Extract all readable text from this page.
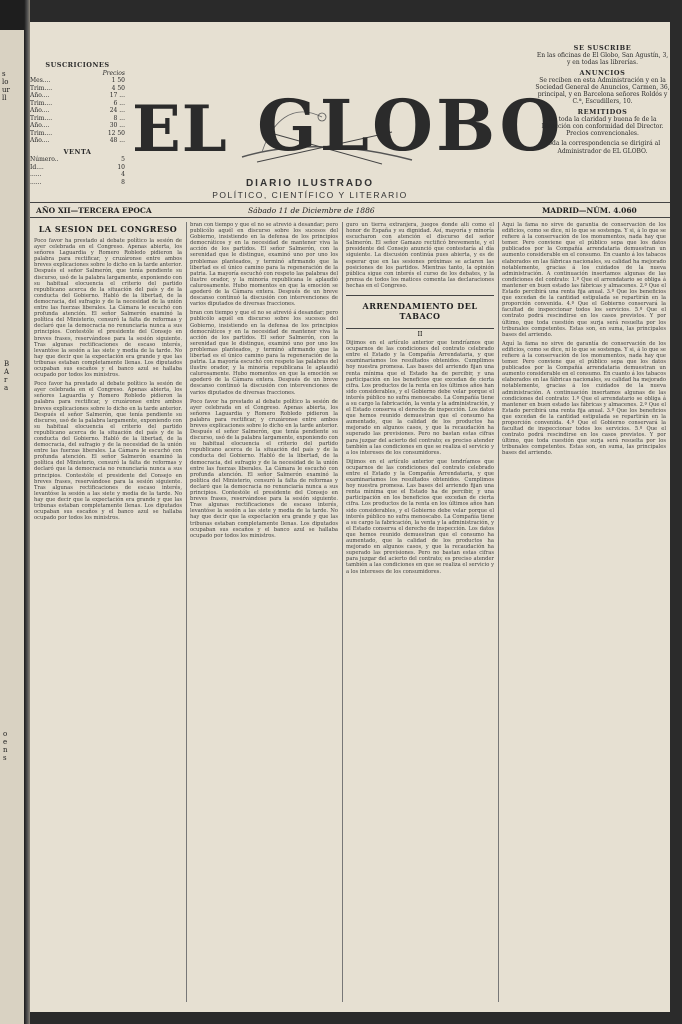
s
lo
ur
ll
B
A
r
a
o
e
n
s
SUSCRICIONES
Precios
Mes....	1 50
Trim....	4 50
Año....	17 ...
Trim....	6 ...
Año....	24 ...
Trim....	8 ...
Año....	30 ...
Trim....	12 50
Año....	48 ...
VENTA
Número..	5
Id....	10
......	4
......	8
EL GLOBO
DIARIO ILUSTRADO
POLÍTICO, CIENTÍFICO Y LITERARIO
SE SUSCRIBE
En las oficinas de El Globo, San Agustín, 3, y en todas las librerías.
ANUNCIOS
Se reciben en esta Administración y en la Sociedad General de Anuncios, Carmen, 36, principal, y en Barcelona señores Roldós y C.ª, Escudillers, 10.
REMITIDOS
En toda la claridad y buena fe de la Dirección con conformidad del Director.
Precios convencionales.
Toda la correspondencia se dirigirá al Administrador de EL GLOBO.
AÑO XII—TERCERA EPOCA	Sábado 11 de Diciembre de 1886	MADRID—NÚM. 4.060
LA SESION DEL CONGRESO
Poco favor ha prestado al debate político la sesión de ayer celebrada en el Congreso. Apenas abierta, los señores Laguardia y Romero Robledo pidieron la palabra para rectificar, y cruzáronse entre ambos breves explicaciones sobre lo dicho en la tarde anterior. Después el señor Salmerón, que tenía pendiente su discurso, usó de la palabra largamente, exponiendo con su habitual elocuencia el criterio del partido republicano acerca de la situación del país y de la conducta del Gobierno. Habló de la libertad, de la democracia, del sufragio y de la necesidad de la unión entre las fuerzas liberales. La Cámara le escuchó con profunda atención. El señor Salmerón examinó la política del Ministerio, censuró la falta de reformas y declaró que la democracia no renunciaría nunca a sus principios. Contestóle el presidente del Consejo en breves frases, reservándose para la sesión siguiente. Tras algunas rectificaciones de escaso interés, levantóse la sesión a las siete y media de la tarde. No hay que decir que la expectación era grande y que las tribunas estaban completamente llenas. Los diputados ocupaban sus escaños y el banco azul se hallaba ocupado por todos los ministros.
Poco favor ha prestado al debate político la sesión de ayer celebrada en el Congreso. Apenas abierta, los señores Laguardia y Romero Robledo pidieron la palabra para rectificar, y cruzáronse entre ambos breves explicaciones sobre lo dicho en la tarde anterior. Después el señor Salmerón, que tenía pendiente su discurso, usó de la palabra largamente, exponiendo con su habitual elocuencia el criterio del partido republicano acerca de la situación del país y de la conducta del Gobierno. Habló de la libertad, de la democracia, del sufragio y de la necesidad de la unión entre las fuerzas liberales. La Cámara le escuchó con profunda atención. El señor Salmerón examinó la política del Ministerio, censuró la falta de reformas y declaró que la democracia no renunciaría nunca a sus principios. Contestóle el presidente del Consejo en breves frases, reservándose para la sesión siguiente. Tras algunas rectificaciones de escaso interés, levantóse la sesión a las siete y media de la tarde. No hay que decir que la expectación era grande y que las tribunas estaban completamente llenas. Los diputados ocupaban sus escaños y el banco azul se hallaba ocupado por todos los ministros.
bran con tiempo y que el no se atrevió á desandar; pero publicólo aquél en discurso sobre los sucesos del Gobierno, insistiendo en la defensa de los principios democráticos y en la necesidad de mantener viva la acción de los partidos. El señor Salmerón, con la serenidad que le distingue, examinó uno por uno los problemas planteados, y terminó afirmando que la libertad es el único camino para la regeneración de la patria. La mayoría escuchó con respeto las palabras del ilustre orador, y la minoría republicana le aplaudió calurosamente. Hubo momentos en que la emoción se apoderó de la Cámara entera. Después de un breve descanso continuó la discusión con intervenciones de varios diputados de diversas fracciones.
bran con tiempo y que el no se atrevió á desandar; pero publicólo aquél en discurso sobre los sucesos del Gobierno, insistiendo en la defensa de los principios democráticos y en la necesidad de mantener viva la acción de los partidos. El señor Salmerón, con la serenidad que le distingue, examinó uno por uno los problemas planteados, y terminó afirmando que la libertad es el único camino para la regeneración de la patria. La mayoría escuchó con respeto las palabras del ilustre orador, y la minoría republicana le aplaudió calurosamente. Hubo momentos en que la emoción se apoderó de la Cámara entera. Después de un breve descanso continuó la discusión con intervenciones de varios diputados de diversas fracciones.
Poco favor ha prestado al debate político la sesión de ayer celebrada en el Congreso. Apenas abierta, los señores Laguardia y Romero Robledo pidieron la palabra para rectificar, y cruzáronse entre ambos breves explicaciones sobre lo dicho en la tarde anterior. Después el señor Salmerón, que tenía pendiente su discurso, usó de la palabra largamente, exponiendo con su habitual elocuencia el criterio del partido republicano acerca de la situación del país y de la conducta del Gobierno. Habló de la libertad, de la democracia, del sufragio y de la necesidad de la unión entre las fuerzas liberales. La Cámara le escuchó con profunda atención. El señor Salmerón examinó la política del Ministerio, censuró la falta de reformas y declaró que la democracia no renunciaría nunca a sus principios. Contestóle el presidente del Consejo en breves frases, reservándose para la sesión siguiente. Tras algunas rectificaciones de escaso interés, levantóse la sesión a las siete y media de la tarde. No hay que decir que la expectación era grande y que las tribunas estaban completamente llenas. Los diputados ocupaban sus escaños y el banco azul se hallaba ocupado por todos los ministros.
guro un tierra extranjera, juegos donde allí como el honor de España y su dignidad. Así, mayoría y minoría escucharon con atención el discurso del señor Salmerón. El señor Gamazo rectificó brevemente, y el presidente del Consejo anunció que contestaría al día siguiente. La discusión continúa pues abierta, y es de esperar que en las sesiones próximas se aclaren las posiciones de los partidos. Mientras tanto, la opinión pública sigue con interés el curso de los debates, y la prensa de todos los matices comenta las declaraciones hechas en el Congreso.
ARRENDAMIENTO DEL TABACO
II
Dijimos en el artículo anterior que tendríamos que ocuparnos de las condiciones del contrato celebrado entre el Estado y la Compañía Arrendataria, y que examinaríamos los resultados obtenidos. Cumplimos hoy nuestra promesa. Las bases del arriendo fijan una renta mínima que el Estado ha de percibir, y una participación en los beneficios que excedan de cierta cifra. Los productos de la renta en los últimos años han sido considerables, y el Gobierno debe velar porque el interés público no sufra menoscabo. La Compañía tiene a su cargo la fabricación, la venta y la administración, y el Estado conserva el derecho de inspección. Los datos que hemos reunido demuestran que el consumo ha aumentado, que la calidad de los productos ha mejorado en algunos casos, y que la recaudación ha superado las previsiones. Pero no bastan estas cifras para juzgar del acierto del contrato; es preciso atender también a las condiciones en que se realiza el servicio y a los intereses de los consumidores.
Dijimos en el artículo anterior que tendríamos que ocuparnos de las condiciones del contrato celebrado entre el Estado y la Compañía Arrendataria, y que examinaríamos los resultados obtenidos. Cumplimos hoy nuestra promesa. Las bases del arriendo fijan una renta mínima que el Estado ha de percibir, y una participación en los beneficios que excedan de cierta cifra. Los productos de la renta en los últimos años han sido considerables, y el Gobierno debe velar porque el interés público no sufra menoscabo. La Compañía tiene a su cargo la fabricación, la venta y la administración, y el Estado conserva el derecho de inspección. Los datos que hemos reunido demuestran que el consumo ha aumentado, que la calidad de los productos ha mejorado en algunos casos, y que la recaudación ha superado las previsiones. Pero no bastan estas cifras para juzgar del acierto del contrato; es preciso atender también a las condiciones en que se realiza el servicio y a los intereses de los consumidores.
Aquí la fama no sirve de garantía de conservación de los edificios, como se dice, ni lo que se sostenga. Y si, á lo que se refiere á la conservación de los monumentos, nada hay que temer. Pero conviene que el público sepa que los datos publicados por la Compañía arrendataria demuestran un aumento considerable en el consumo. En cuanto á los tabacos elaborados en las fábricas nacionales, su calidad ha mejorado notablemente, gracias á los cuidados de la nueva administración. A continuación insertamos algunas de las condiciones del contrato: 1.º Que el arrendatario se obliga á mantener en buen estado las fábricas y almacenes. 2.º Que el Estado percibirá una renta fija anual. 3.º Que los beneficios que excedan de la cantidad estipulada se repartirán en la proporción convenida. 4.º Que el Gobierno conservará la facultad de inspeccionar todos los servicios. 5.º Que el contrato podrá rescindirse en los casos previstos. Y por último, que toda cuestión que surja será resuelta por los tribunales competentes. Estas son, en suma, las principales bases del arriendo.
Aquí la fama no sirve de garantía de conservación de los edificios, como se dice, ni lo que se sostenga. Y si, á lo que se refiere á la conservación de los monumentos, nada hay que temer. Pero conviene que el público sepa que los datos publicados por la Compañía arrendataria demuestran un aumento considerable en el consumo. En cuanto á los tabacos elaborados en las fábricas nacionales, su calidad ha mejorado notablemente, gracias á los cuidados de la nueva administración. A continuación insertamos algunas de las condiciones del contrato: 1.º Que el arrendatario se obliga á mantener en buen estado las fábricas y almacenes. 2.º Que el Estado percibirá una renta fija anual. 3.º Que los beneficios que excedan de la cantidad estipulada se repartirán en la proporción convenida. 4.º Que el Gobierno conservará la facultad de inspeccionar todos los servicios. 5.º Que el contrato podrá rescindirse en los casos previstos. Y por último, que toda cuestión que surja será resuelta por los tribunales competentes. Estas son, en suma, las principales bases del arriendo.
